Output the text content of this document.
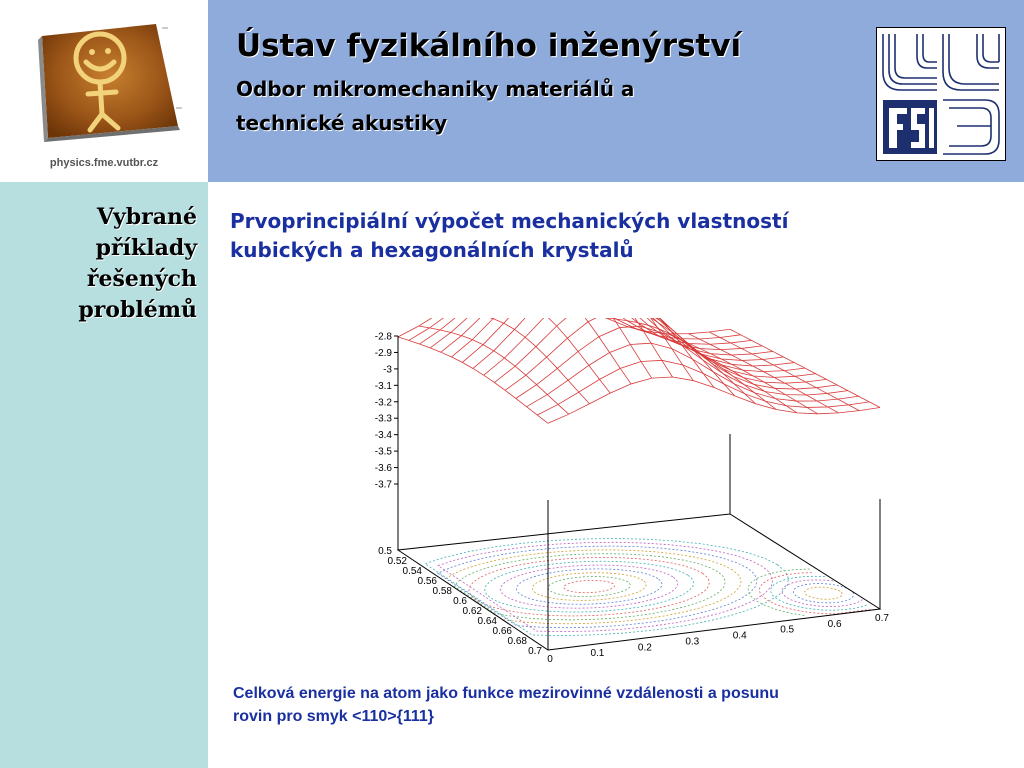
physics.fme.vutbr.cz
Ústav fyzikálního inženýrství
Odbor mikromechaniky materiálů a
technické akustiky
Vybrané
příklady
řešených
problémů
Prvoprincipiální výpočet mechanických vlastností
kubických a hexagonálních krystalů
-2.8
-2.9
-3
-3.1
-3.2
-3.3
-3.4
-3.5
-3.6
-3.7
0.5
0.52
0.54
0.56
0.58
0.6
0.62
0.64
0.66
0.68
0.7
0
0.1
0.2
0.3
0.4
0.5
0.6
0.7
Celková energie na atom jako funkce mezirovinné vzdálenosti a posunu
rovin pro smyk <110>{111}
